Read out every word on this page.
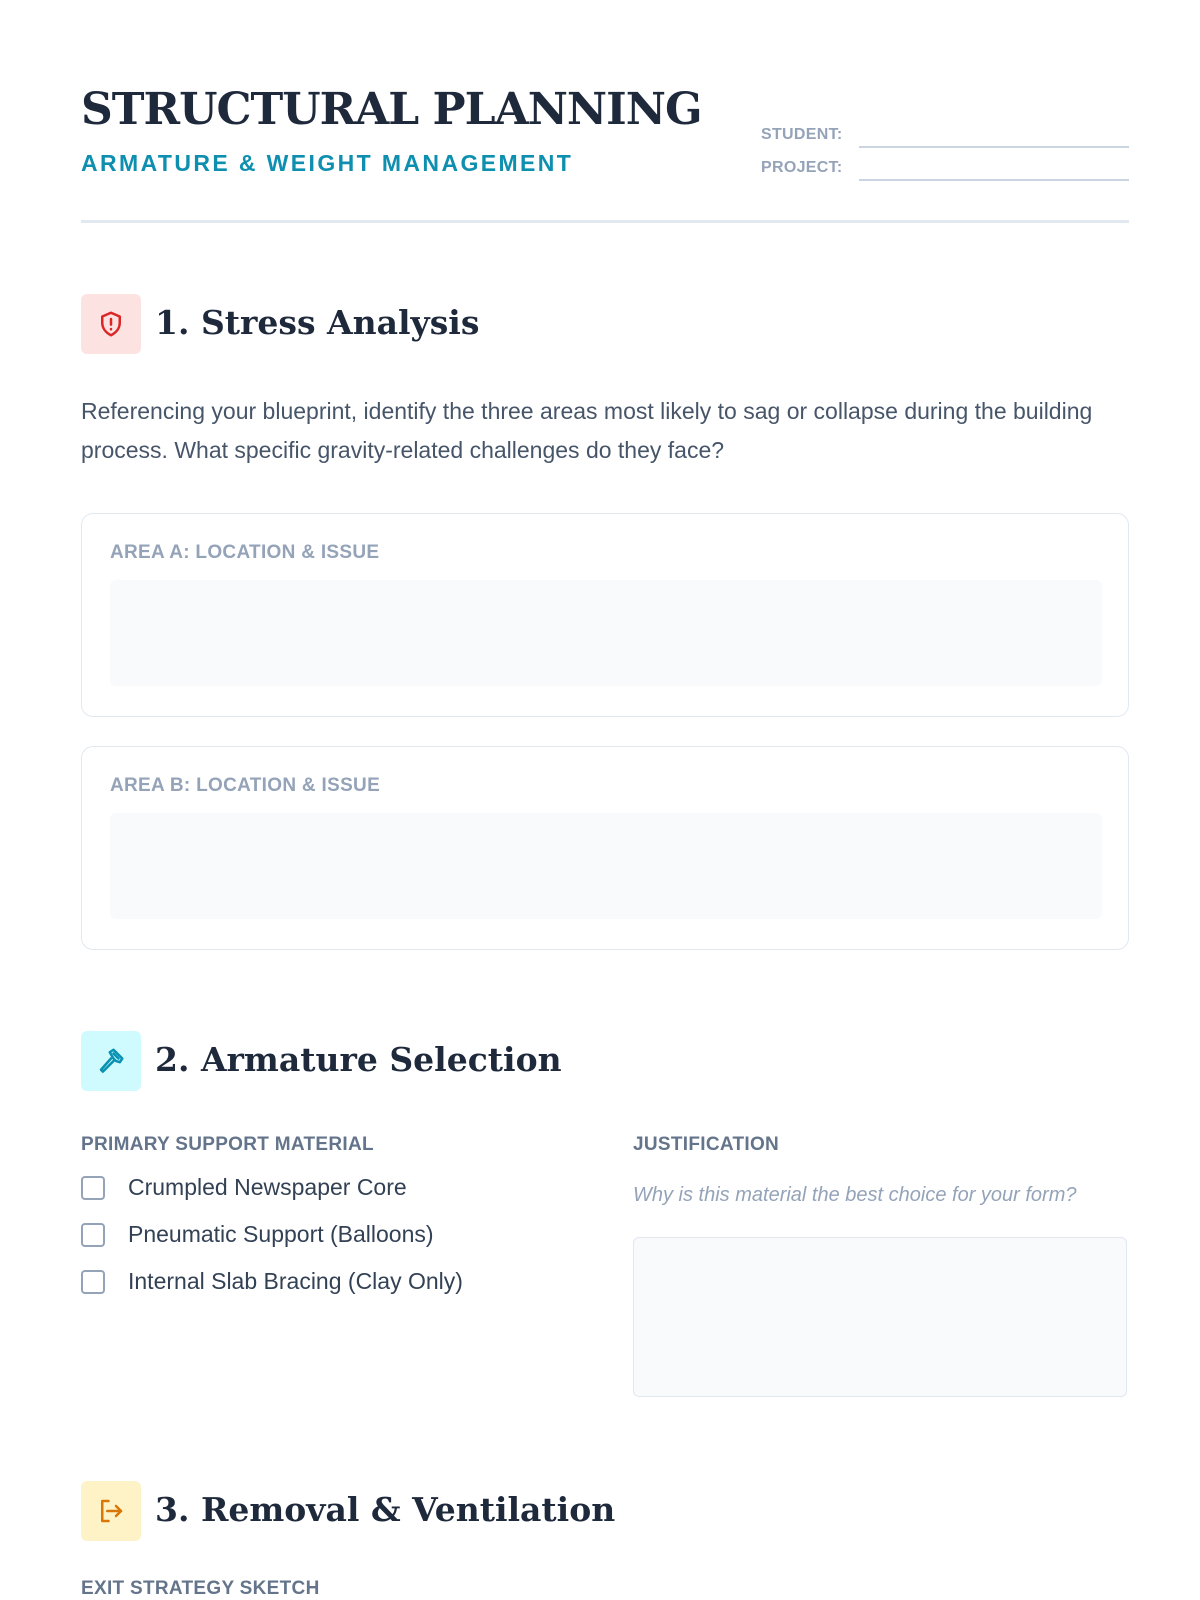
STRUCTURAL PLANNING
ARMATURE & WEIGHT MANAGEMENT
STUDENT:
PROJECT:
1. Stress Analysis
Referencing your blueprint, identify the three areas most likely to sag or collapse during the building process. What specific gravity-related challenges do they face?
AREA A: LOCATION & ISSUE
AREA B: LOCATION & ISSUE
2. Armature Selection
PRIMARY SUPPORT MATERIAL	JUSTIFICATION
Crumpled Newspaper Core
Pneumatic Support (Balloons)
Internal Slab Bracing (Clay Only)
Why is this material the best choice for your form?
3. Removal & Ventilation
EXIT STRATEGY SKETCH
